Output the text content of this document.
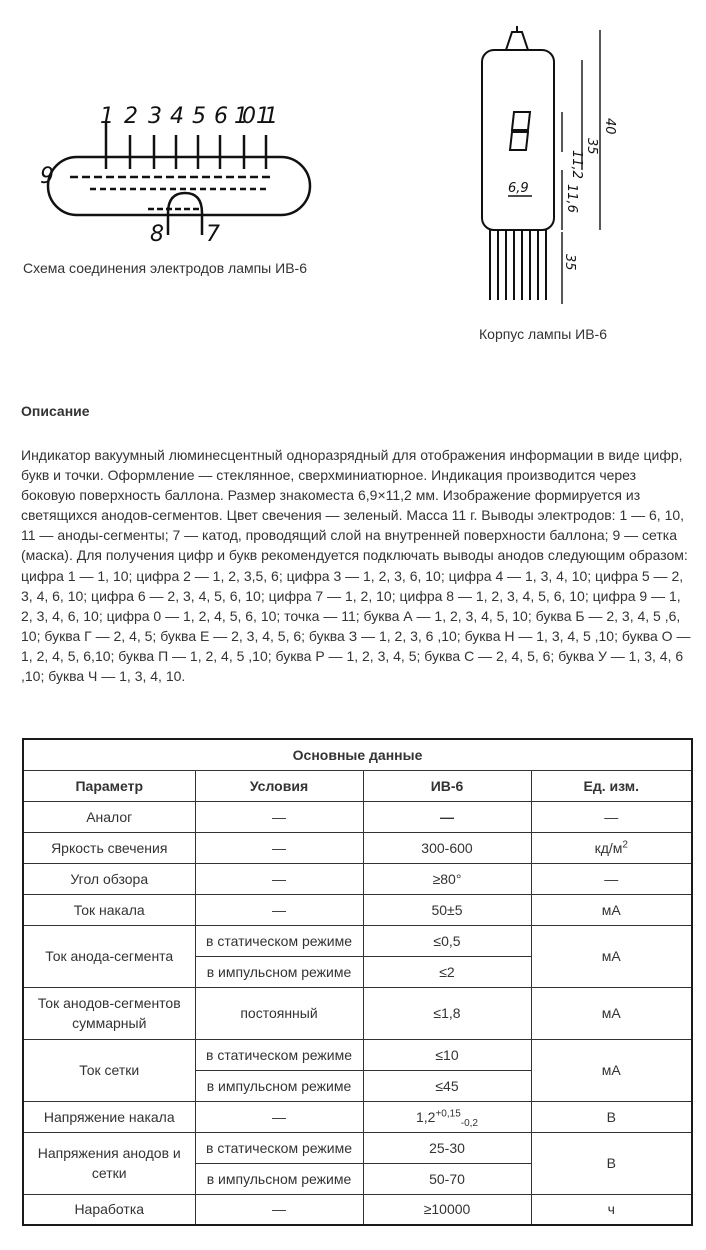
1 2 3 4 5 6 10 11
9
8 7
Схема соединения электродов лампы ИВ-6
11,2
35
40
11,6
6,9
35
Корпус лампы ИВ-6
Описание

Индикатор вакуумный люминесцентный одноразрядный для отображения информации в виде цифр, букв и точки. Оформление — стеклянное, сверхминиатюрное. Индикация производится через боковую поверхность баллона. Размер знакоместа 6,9×11,2 мм. Изображение формируется из светящихся анодов-сегментов. Цвет свечения — зеленый. Масса 11 г. Выводы электродов: 1 — 6, 10, 11 — аноды-сегменты; 7 — катод, проводящий слой на внутренней поверхности баллона; 9 — сетка (маска). Для получения цифр и букв рекомендуется подключать выводы анодов следующим образом: цифра 1 — 1, 10; цифра 2 — 1, 2, 3,5, 6; цифра 3 — 1, 2, 3, 6, 10; цифра 4 — 1, 3, 4, 10; цифра 5 — 2, 3, 4, 6, 10; цифра 6 — 2, 3, 4, 5, 6, 10; цифра 7 — 1, 2, 10; цифра 8 — 1, 2, 3, 4, 5, 6, 10; цифра 9 — 1, 2, 3, 4, 6, 10; цифра 0 — 1, 2, 4, 5, 6, 10; точка — 11; буква А — 1, 2, 3, 4, 5, 10; буква Б — 2, 3, 4, 5 ,6, 10; буква Г — 2, 4, 5; буква Е — 2, 3, 4, 5, 6; буква З — 1, 2, 3, 6 ,10; буква Н — 1, 3, 4, 5 ,10; буква О — 1, 2, 4, 5, 6,10; буква П — 1, 2, 4, 5 ,10; буква Р — 1, 2, 3, 4, 5; буква С — 2, 4, 5, 6; буква У — 1, 3, 4, 6 ,10; буква Ч — 1, 3, 4, 10.

Основные данные			
Параметр	Условия	ИВ-6	Ед. изм.
Аналог	—	—	—
Яркость свечения	—	300-600	$кд/м^2$
Угол обзора	—	≥80°	—
Ток накала	—	50±5	мА
Ток анода-сегмента	в статическом режиме	≤0,5	мА
	в импульсном режиме	≤2	
Ток анодов-сегментов суммарный	постоянный	≤1,8	мА
Ток сетки	в статическом режиме	≤10	мА
	в импульсном режиме	≤45	
Напряжение накала	—	$1,2^{+0,15}_{-0,2}$	В
Напряжения анодов и сетки	в статическом режиме	25-30	В
	в импульсном режиме	50-70	
Наработка	—	≥10000	ч
